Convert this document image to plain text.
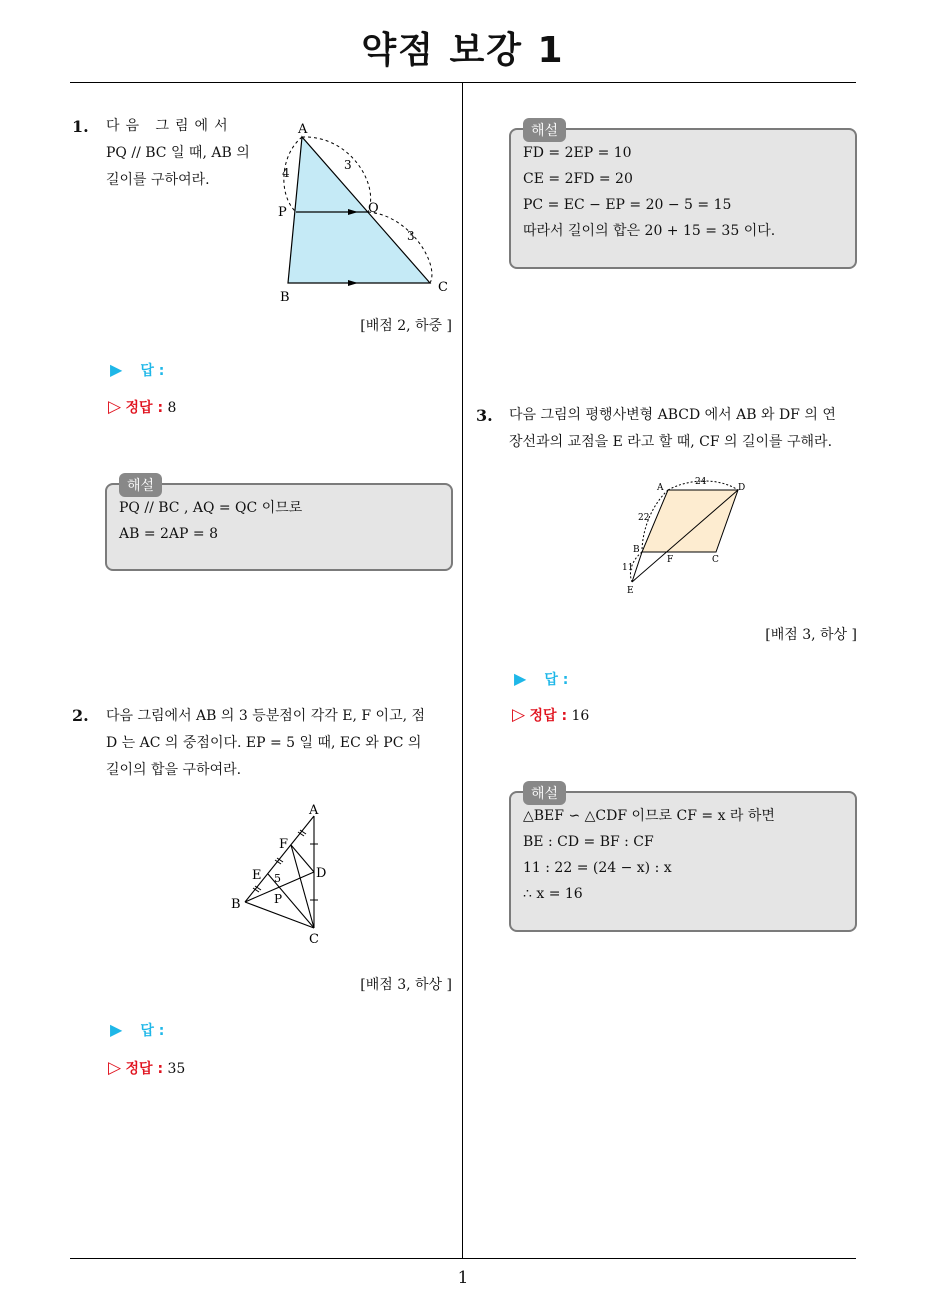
약점 보강 1
1
1. 다음 그림에서
PQ // BC 일 때, AB 의
길이를 구하여라.
A
P	Q
B
C
4
3
3
[배점 2, 하중 ]
▶ 답 :
▷ 정답 : 8
해설
PQ // BC , AQ = QC 이므로
AB = 2AP = 8
2. 다음 그림에서 AB 의 3 등분점이 각각 E, F 이고, 점
D 는 AC 의 중점이다. EP = 5 일 때, EC 와 PC 의
길이의 합을 구하여라.
A
F
E	D
P
B
C
5
[배점 3, 하상 ]
▶ 답 :
▷ 정답 : 35
해설
FD = 2EP = 10
CE = 2FD = 20
PC = EC − EP = 20 − 5 = 15
따라서 길이의 합은 20 + 15 = 35 이다.
3. 다음 그림의 평행사변형 ABCD 에서 AB 와 DF 의 연
장선과의 교점을 E 라고 할 때, CF 의 길이를 구해라.
A	D
B
F	C
E
24
22
11
[배점 3, 하상 ]
▶ 답 :
▷ 정답 : 16
해설
△BEF ∽ △CDF 이므로 CF = x 라 하면
BE : CD = BF : CF
11 : 22 = (24 − x) : x
∴ x = 16
